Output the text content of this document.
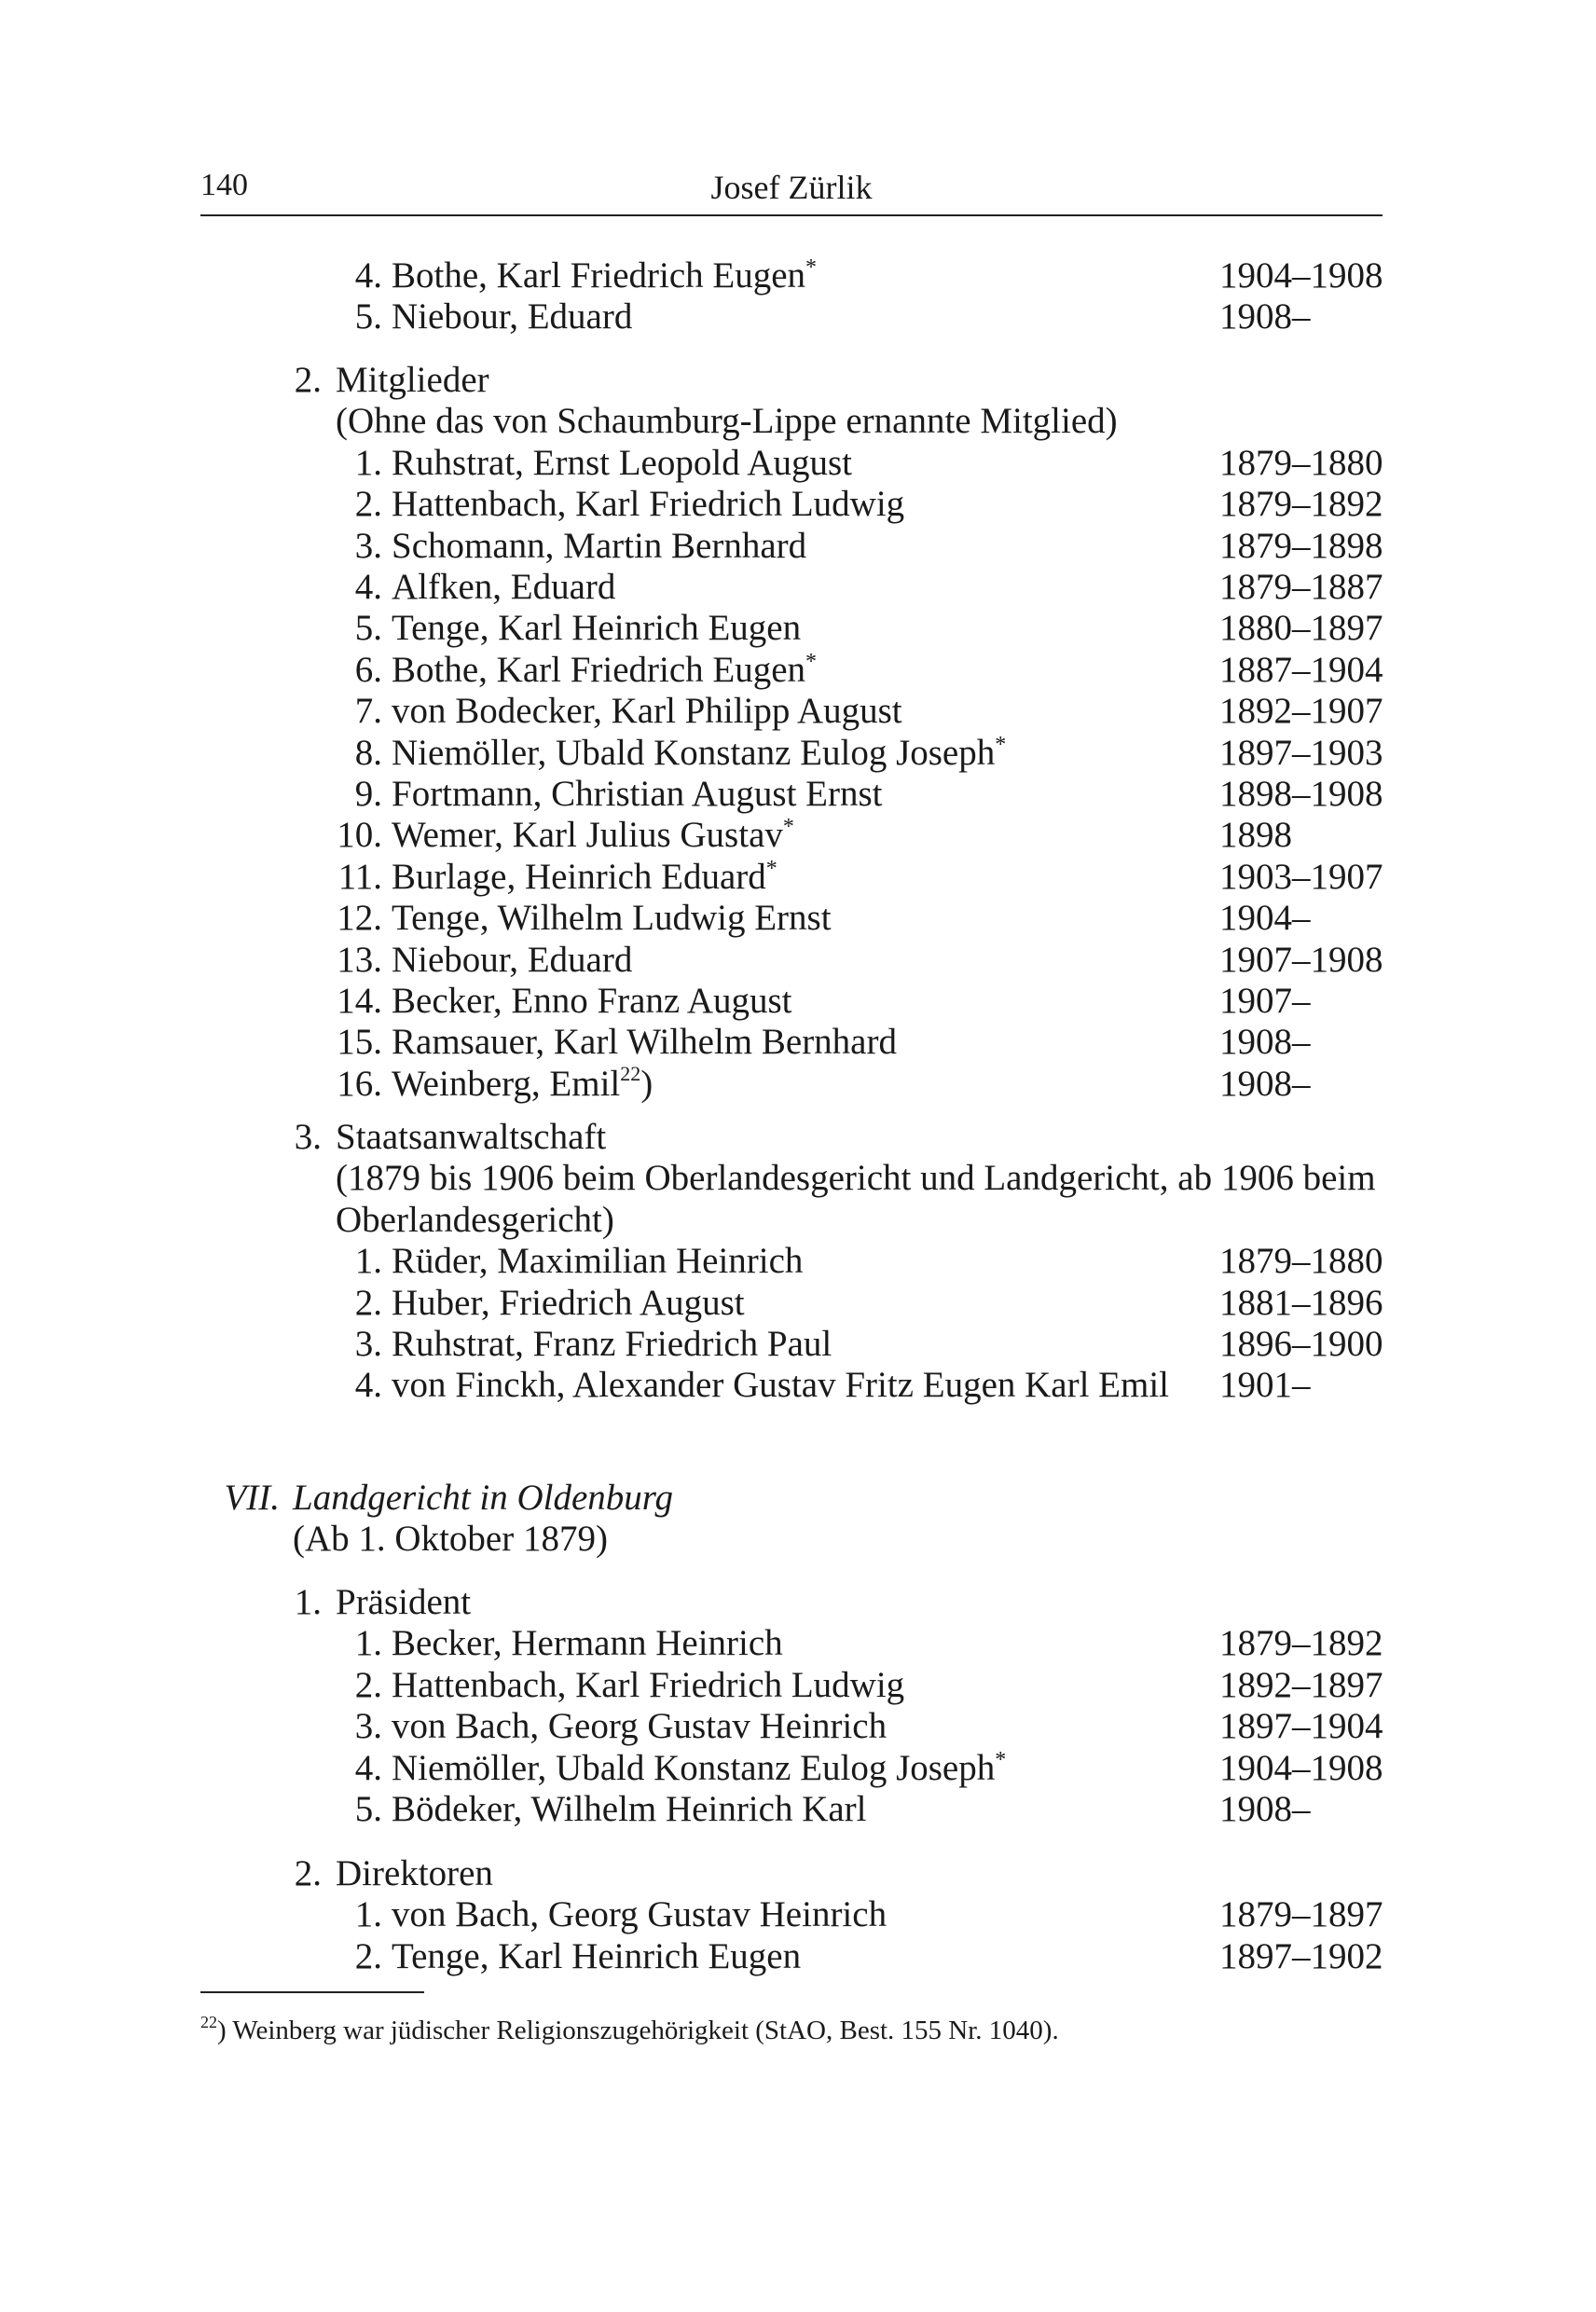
140	Josef Zürlik
4. Bothe, Karl Friedrich Eugen*	1904–1908
5. Niebour, Eduard	1908–
2. Mitglieder
(Ohne das von Schaumburg-Lippe ernannte Mitglied)
1. Ruhstrat, Ernst Leopold August	1879–1880
2. Hattenbach, Karl Friedrich Ludwig	1879–1892
3. Schomann, Martin Bernhard	1879–1898
4. Alfken, Eduard	1879–1887
5. Tenge, Karl Heinrich Eugen	1880–1897
6. Bothe, Karl Friedrich Eugen*	1887–1904
7. von Bodecker, Karl Philipp August	1892–1907
8. Niemöller, Ubald Konstanz Eulog Joseph*	1897–1903
9. Fortmann, Christian August Ernst	1898–1908
10. Wemer, Karl Julius Gustav*	1898
11. Burlage, Heinrich Eduard*	1903–1907
12. Tenge, Wilhelm Ludwig Ernst	1904–
13. Niebour, Eduard	1907–1908
14. Becker, Enno Franz August	1907–
15. Ramsauer, Karl Wilhelm Bernhard	1908–
16. Weinberg, Emil$^{22}$)	1908–
3. Staatsanwaltschaft
(1879 bis 1906 beim Oberlandesgericht und Landgericht, ab 1906 beim
Oberlandesgericht)
1. Rüder, Maximilian Heinrich	1879–1880
2. Huber, Friedrich August	1881–1896
3. Ruhstrat, Franz Friedrich Paul	1896–1900
4. von Finckh, Alexander Gustav Fritz Eugen Karl Emil 1901–
VII. Landgericht in Oldenburg
(Ab 1. Oktober 1879)
1. Präsident
1. Becker, Hermann Heinrich	1879–1892
2. Hattenbach, Karl Friedrich Ludwig	1892–1897
3. von Bach, Georg Gustav Heinrich	1897–1904
4. Niemöller, Ubald Konstanz Eulog Joseph*	1904–1908
5. Bödeker, Wilhelm Heinrich Karl	1908–
2. Direktoren
1. von Bach, Georg Gustav Heinrich	1879–1897
2. Tenge, Karl Heinrich Eugen	1897–1902
$^{22}$) Weinberg war jüdischer Religionszugehörigkeit (StAO, Best. 155 Nr. 1040).
